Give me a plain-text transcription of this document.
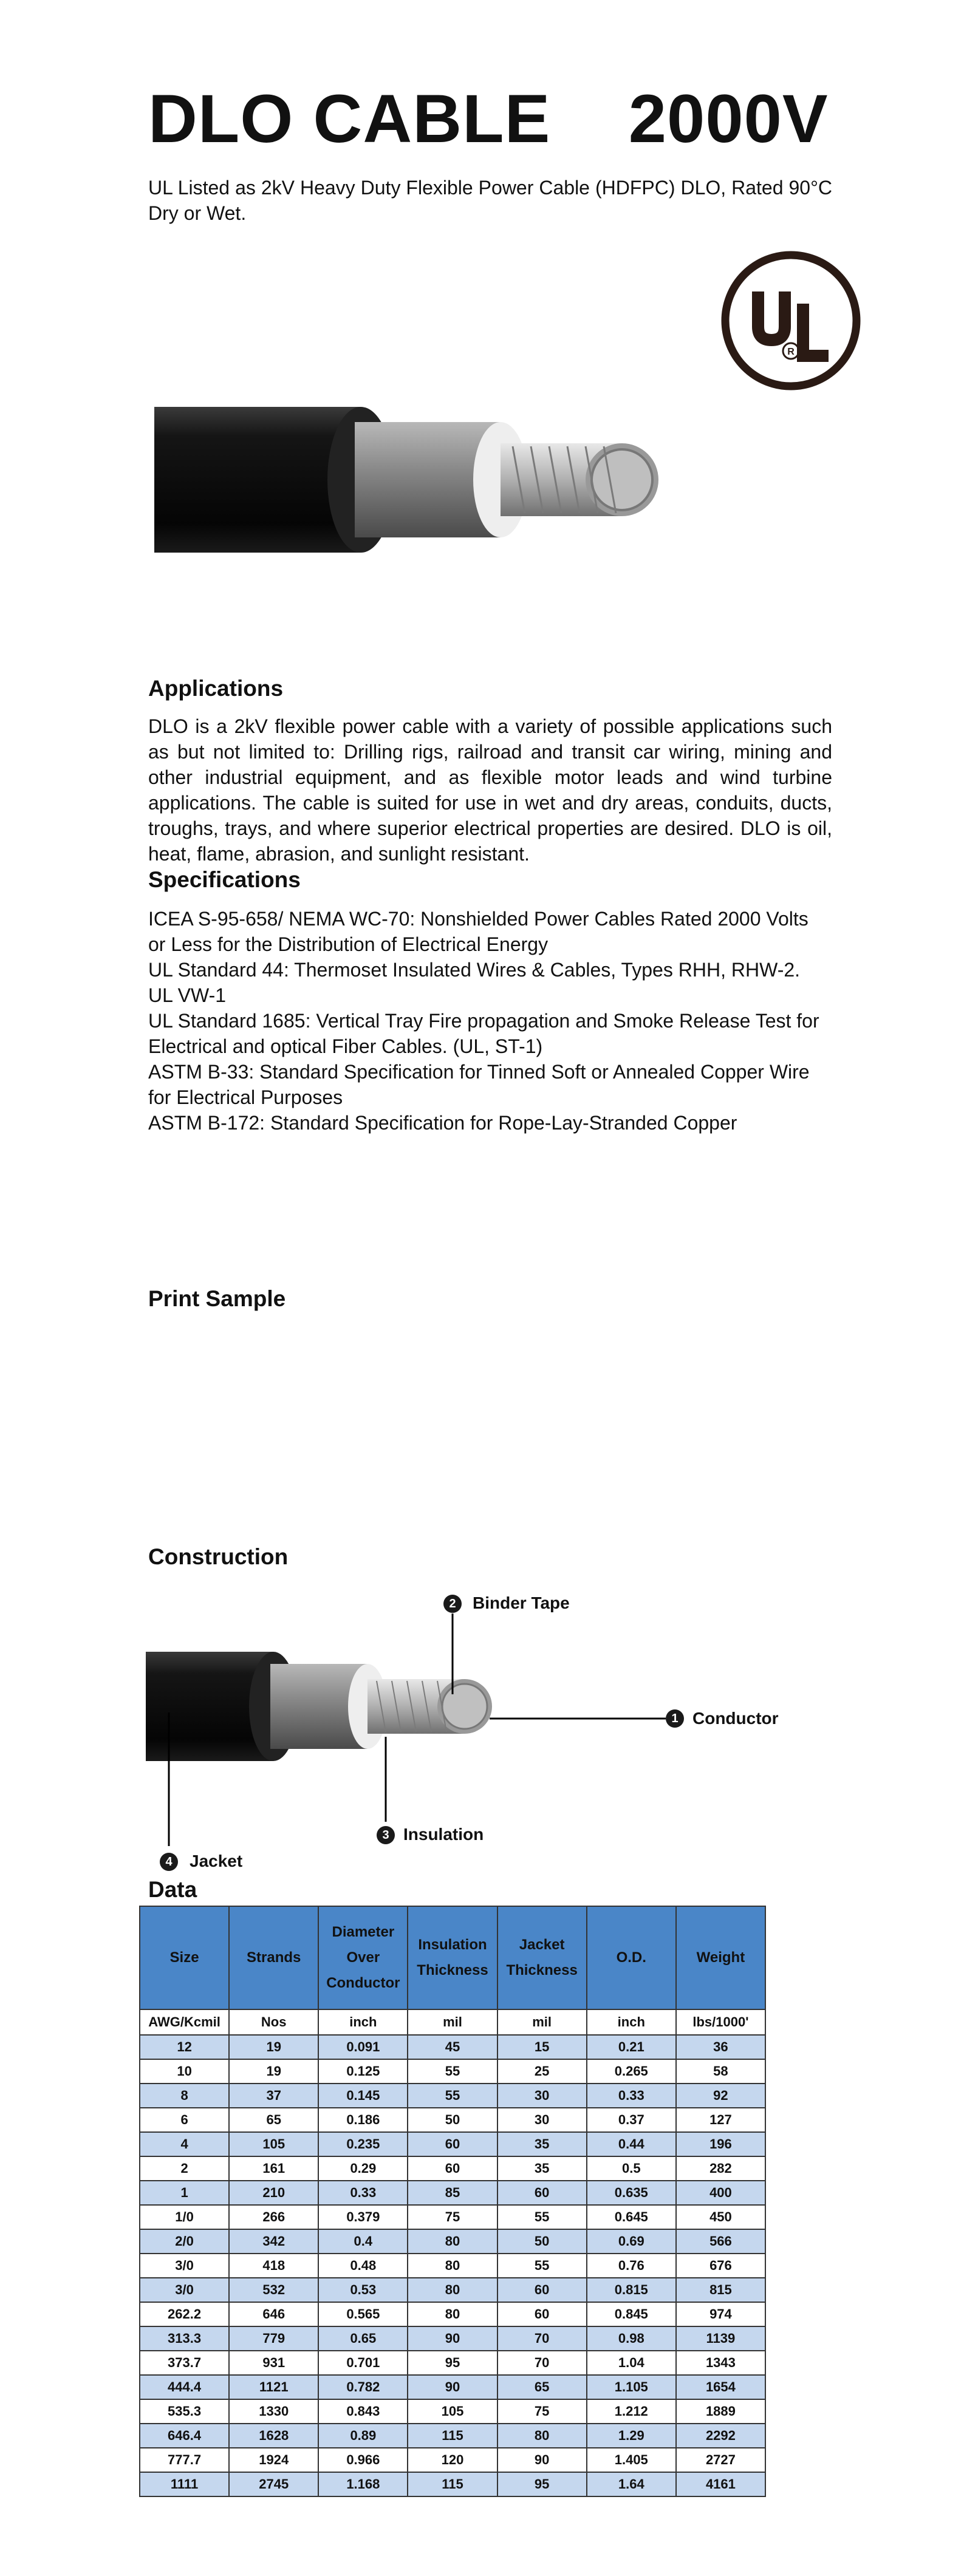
DLO CABLE    2000V

UL Listed as 2kV Heavy Duty Flexible Power Cable (HDFPC) DLO, Rated 90°C Dry or Wet.

R
Applications

DLO is a 2kV flexible power cable with a variety of possible applications such as but not limited to: Drilling rigs, railroad and transit car wiring, mining and other industrial equipment, and as flexible motor leads and wind turbine applications. The cable is suited for use in wet and dry areas, conduits, ducts, troughs, trays, and where superior electrical properties are desired. DLO is oil, heat, flame, abrasion, and sunlight resistant.

Specifications
ICEA S-95-658/ NEMA WC-70: Nonshielded Power Cables Rated 2000 Volts
or Less for the Distribution of Electrical Energy
UL Standard 44: Thermoset Insulated Wires & Cables, Types RHH, RHW-2.
UL VW-1
UL Standard 1685: Vertical Tray Fire propagation and Smoke Release Test for
Electrical and optical Fiber Cables. (UL, ST-1)
ASTM B-33: Standard Specification for Tinned Soft or Annealed Copper Wire
for Electrical Purposes
ASTM B-172: Standard Specification for Rope-Lay-Stranded Copper
Print Sample
Construction
1 Conductor
2 Binder Tape
3 Insulation
4	Jacket
Data
Size	Strands	Diameter Over Conductor	Insulation Thickness	Jacket Thickness	O.D.	Weight
AWG/Kcmil	Nos	inch	mil	mil	inch	lbs/1000'
12	19	0.091	45	15	0.21	36
10	19	0.125	55	25	0.265	58
8	37	0.145	55	30	0.33	92
6	65	0.186	50	30	0.37	127
4	105	0.235	60	35	0.44	196
2	161	0.29	60	35	0.5	282
1	210	0.33	85	60	0.635	400
1/0	266	0.379	75	55	0.645	450
2/0	342	0.4	80	50	0.69	566
3/0	418	0.48	80	55	0.76	676
3/0	532	0.53	80	60	0.815	815
262.2	646	0.565	80	60	0.845	974
313.3	779	0.65	90	70	0.98	1139
373.7	931	0.701	95	70	1.04	1343
444.4	1121	0.782	90	65	1.105	1654
535.3	1330	0.843	105	75	1.212	1889
646.4	1628	0.89	115	80	1.29	2292
777.7	1924	0.966	120	90	1.405	2727
1111	2745	1.168	115	95	1.64	4161
